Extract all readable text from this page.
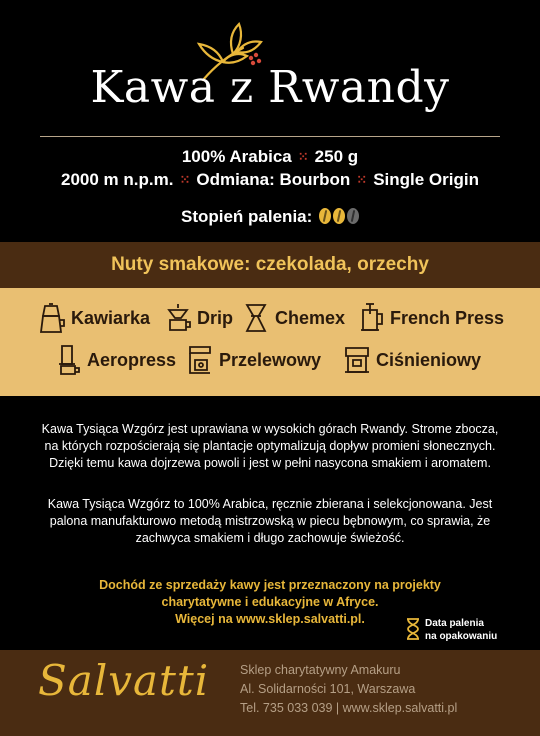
Kawa z Rwandy
100% Arabica ⁙ 250 g
2000 m n.p.m. ⁙ Odmiana: Bourbon ⁙ Single Origin
Stopień palenia:
Nuty smakowe: czekolada, orzechy
Kawiarka	Drip Chemex French Press
Aeropress Przelewowy	Ciśnieniowy
Kawa Tysiąca Wzgórz jest uprawiana w wysokich górach Rwandy. Strome zbocza, na których rozpościerają się plantacje optymalizują dopływ promieni słonecznych. Dzięki temu kawa dojrzewa powoli i jest w pełni nasycona smakiem i aromatem.
Kawa Tysiąca Wzgórz to 100% Arabica, ręcznie zbierana i selekcjonowana. Jest palona manufakturowo metodą mistrzowską w piecu bębnowym, co sprawia, że zachwyca smakiem i długo zachowuje świeżość.
Dochód ze sprzedaży kawy jest przeznaczony na projekty
charytatywne i edukacyjne w Afryce.
Więcej na www.sklep.salvatti.pl.	Data palenia
na opakowaniu
Salvatti Sklep charytatywny Amakuru
Al. Solidarności 101, Warszawa
Tel. 735 033 039 | www.sklep.salvatti.pl
